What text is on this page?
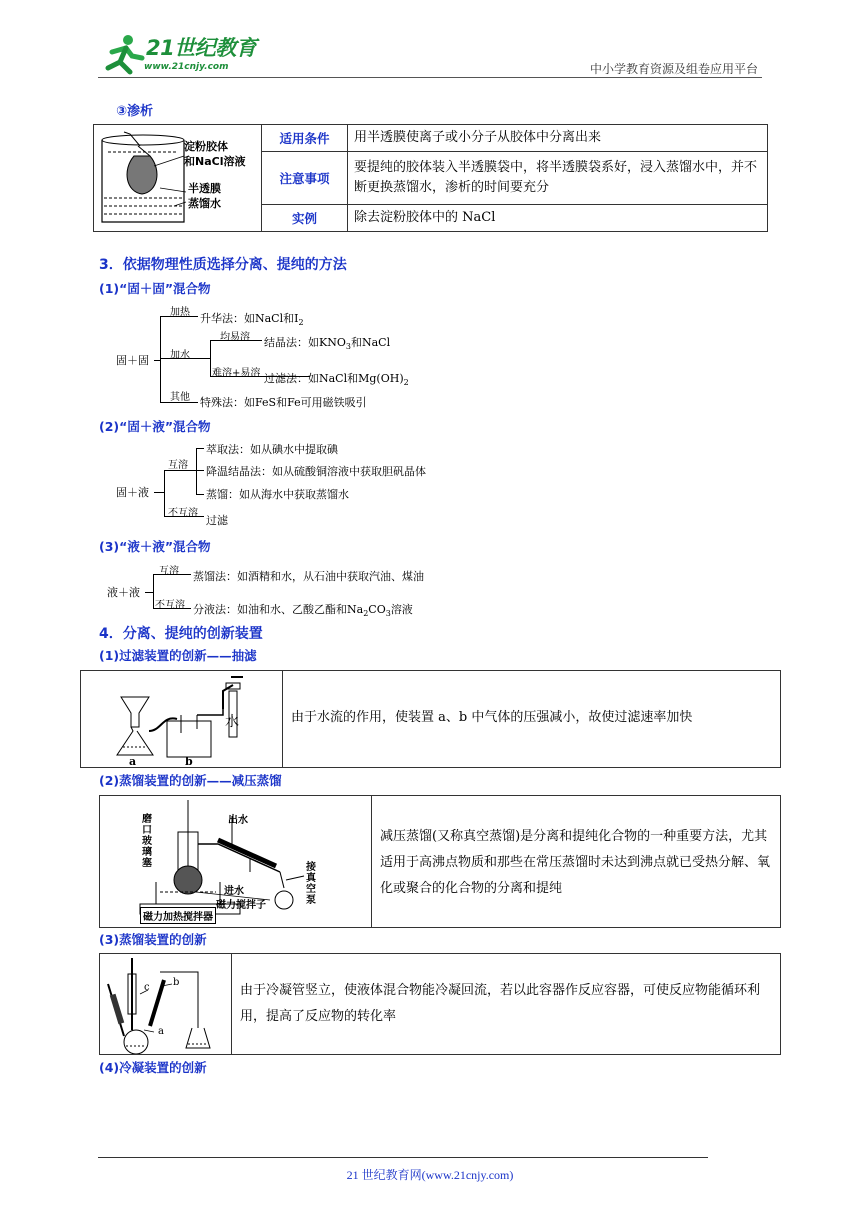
21世纪教育
www.21cnjy.com	中小学教育资源及组卷应用平台
③渗析
淀粉胶体
和NaCl溶液
半透膜
蒸馏水	适用条件	用半透膜使离子或小分子从胶体中分离出来
	注意事项	要提纯的胶体装入半透膜袋中，将半透膜袋系好，浸入蒸馏水中，并不断更换蒸馏水，渗析的时间要充分
	实例	除去淀粉胶体中的 NaCl
3．依据物理性质选择分离、提纯的方法
(1)“固＋固”混合物
固＋固
加热 升华法：如NaCl和$I_2$
加水
均易溶 结晶法：如$KNO_3$和NaCl
难溶+易溶 过滤法：如NaCl和$Mg(OH)_2$
其他 特殊法：如FeS和Fe可用磁铁吸引
(2)“固＋液”混合物
固＋液
互溶
萃取法：如从碘水中提取碘
降温结晶法：如从硫酸铜溶液中获取胆矾晶体
蒸馏：如从海水中获取蒸馏水
不互溶
过滤
(3)“液＋液”混合物
液＋液
互溶 蒸馏法：如酒精和水，从石油中获取汽油、煤油
不互溶 分液法：如油和水、乙酸乙酯和$Na_2CO_3$溶液
4．分离、提纯的创新装置
(1)过滤装置的创新——抽滤
水
a	b
由于水流的作用，使装置 a、b 中气体的压强减小，故使过滤速率加快
(2)蒸馏装置的创新——减压蒸馏
磨口玻璃塞
出水
进水
接真空泵
磁力搅拌子
磁力加热搅拌器
减压蒸馏(又称真空蒸馏)是分离和提纯化合物的一种重要方法，尤其适用于高沸点物质和那些在常压蒸馏时未达到沸点就已受热分解、氧化或聚合的化合物的分离和提纯
(3)蒸馏装置的创新
c b
a
由于冷凝管竖立，使液体混合物能冷凝回流，若以此容器作反应容器，可使反应物能循环利用，提高了反应物的转化率
(4)冷凝装置的创新
21 世纪教育网(www.21cnjy.com)
